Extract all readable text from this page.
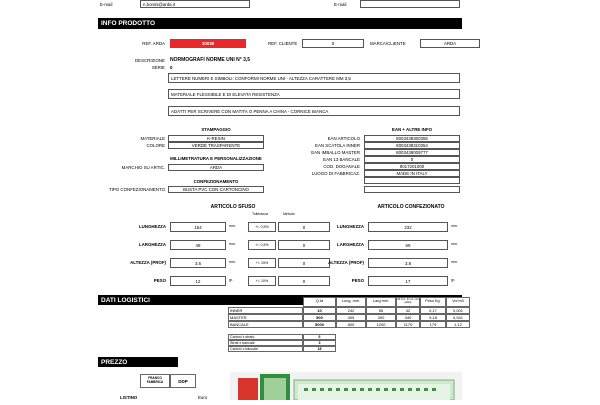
E-mail	n.bonini@arda.it	E-mail
INFO PRODOTTO
REF. ARDA	30035	REF. CLIENTE	0	MARCA/CLIENTE	ARDA
DESCRIZIONE NORMOGRAFI NORME UNI N° 3,5
SERIE 0
LETTERE NUMERI E SIMBOLI: CONFORMI NORME UNI - ALTEZZA CARATTERE MM 3,5
MATERIALE FLESSIBILE E DI ELEVATA RESISTENZA
ADATTI PER SCRIVERE CON MATITA O PENNA A CHINA - CORNICE BIANCA
STAMPAGGIO
MATERIALE	K-RESIN
COLORE	VERDE TRASPARENTE
MILLIMETRATURA E PERSONALIZZAZIONE
MARCHIO SU ARTIC.	ARDA
CONFEZIONAMENTO
TIPO CONFEZIONAMENTO	BUSTA PVC CON CARTONCINO
EAN + ALTRE INFO
ARTICOLO SFUSO
Tolleranza	Metodo
ARTICOLO CONFEZIONATO
DATI LOGISTICI
PREZZO
FRANCO FABBRICA	DDP
LISTINO	Euro
EAN ARTICOLO	8003438300355
EAN SCATOLA INNER	8003438310354
EAN IMBALLO MASTER	8003438009777
EAN 13 BANCALE	0
COD. DOGANALE	9017201000
LUOGO DI FABBRICAZ.	MADE IN ITALY
LUNGHEZZA	164	mm.	+/- 0,5%	0
LARGHEZZA	49	mm.	+/- 0,5%	0
ALTEZZA (PROF)	3,6	mm.	+/- 15%	0
PESO	12	gr.	+/- 10%	0
LUNGHEZZA	232	mm.
LARGHEZZA	69	mm.
ALTEZZA (PROF)	3,8	mm.
PESO	17	gr.
Q.tà	Lung. mm.	Larg mm.	Alt mm. (in mt. con pallet)	Peso Kg.	Vol m3
INNER	10	242	55	42	0,17	0,001
MASTER	500	405	300	340	9,18	0,041
BANCALE	5000	800	1200	1170	179	1,12
Cartoni x strato	6
Strati x bancale	3
Cartoni x bancale	18
